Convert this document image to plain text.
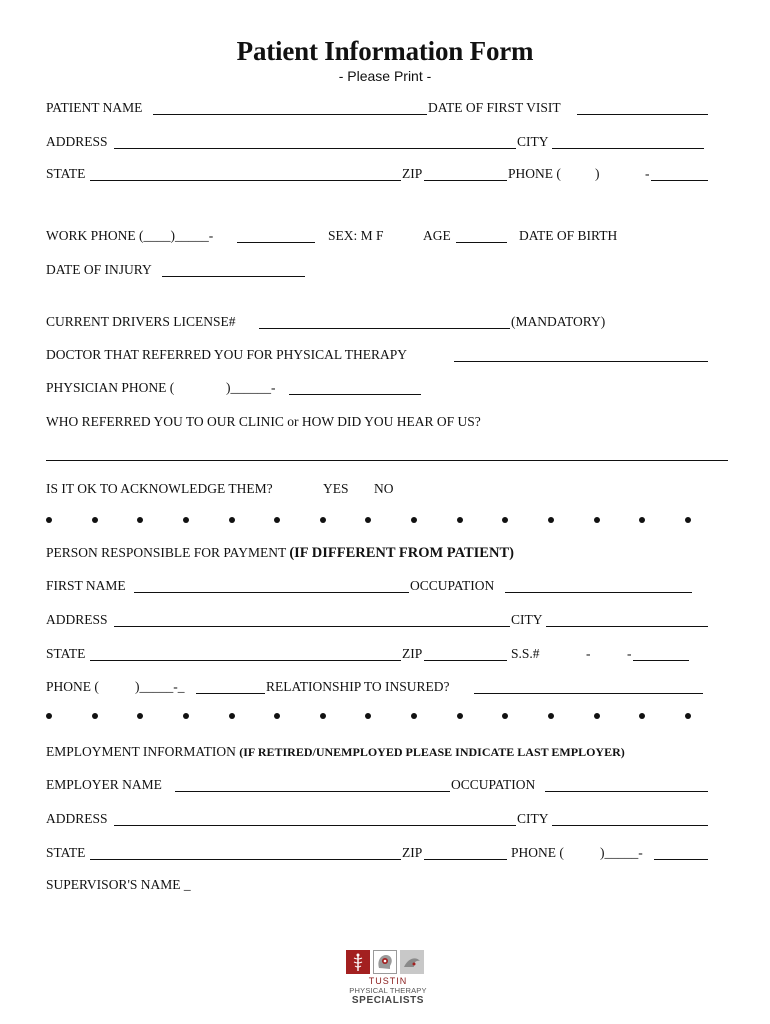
Patient Information Form
- Please Print -
PATIENT NAME	DATE OF FIRST VISIT
ADDRESS	CITY
STATE	ZIP	PHONE (	)	-
WORK PHONE (____)_____-	SEX: M F	AGE	DATE OF BIRTH
DATE OF INJURY
CURRENT DRIVERS LICENSE#	(MANDATORY)
DOCTOR THAT REFERRED YOU FOR PHYSICAL THERAPY
PHYSICIAN PHONE (	)______-
WHO REFERRED YOU TO OUR CLINIC or HOW DID YOU HEAR OF US?
IS IT OK TO ACKNOWLEDGE THEM?	YES NO
PERSON RESPONSIBLE FOR PAYMENT (IF DIFFERENT FROM PATIENT)
FIRST NAME	OCCUPATION
ADDRESS	CITY
STATE	ZIP	S.S.#	-	-
PHONE (	)_____-_	RELATIONSHIP TO INSURED?
EMPLOYMENT INFORMATION (IF RETIRED/UNEMPLOYED PLEASE INDICATE LAST EMPLOYER)
EMPLOYER NAME	OCCUPATION
ADDRESS	CITY
STATE	ZIP	PHONE (	)_____-
SUPERVISOR'S NAME _
TUSTIN
PHYSICAL THERAPY
SPECIALISTS
